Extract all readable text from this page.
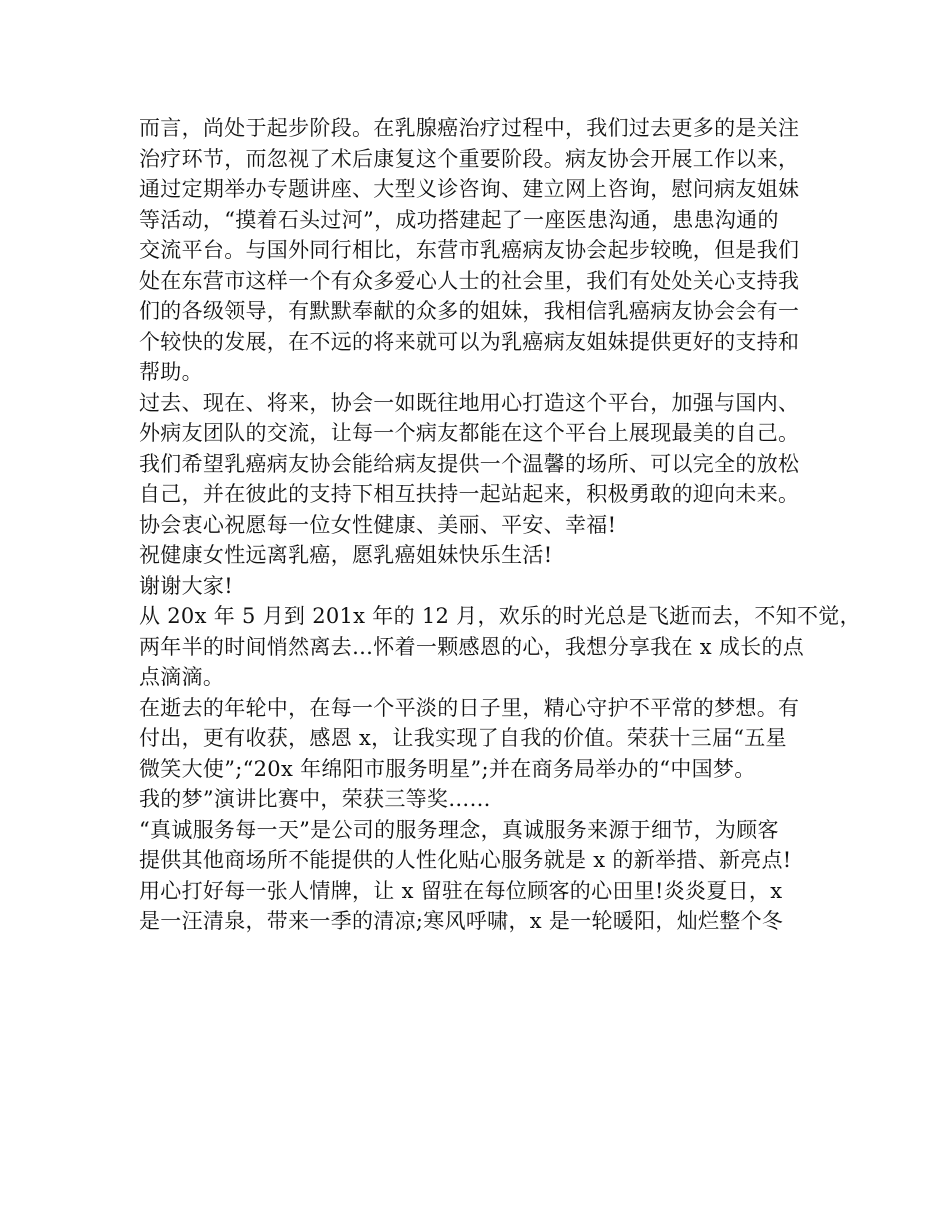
而言，尚处于起步阶段。在乳腺癌治疗过程中，我们过去更多的是关注
治疗环节，而忽视了术后康复这个重要阶段。病友协会开展工作以来，
通过定期举办专题讲座、大型义诊咨询、建立网上咨询，慰问病友姐妹
等活动，“摸着石头过河”，成功搭建起了一座医患沟通，患患沟通的
交流平台。与国外同行相比，东营市乳癌病友协会起步较晚，但是我们
处在东营市这样一个有众多爱心人士的社会里，我们有处处关心支持我
们的各级领导，有默默奉献的众多的姐妹，我相信乳癌病友协会会有一
个较快的发展，在不远的将来就可以为乳癌病友姐妹提供更好的支持和
帮助。
过去、现在、将来，协会一如既往地用心打造这个平台，加强与国内、
外病友团队的交流，让每一个病友都能在这个平台上展现最美的自己。
我们希望乳癌病友协会能给病友提供一个温馨的场所、可以完全的放松
自己，并在彼此的支持下相互扶持一起站起来，积极勇敢的迎向未来。
协会衷心祝愿每一位女性健康、美丽、平安、幸福!
祝健康女性远离乳癌，愿乳癌姐妹快乐生活!
谢谢大家!
从 20x 年 5 月到 201x 年的 12 月，欢乐的时光总是飞逝而去，不知不觉，
两年半的时间悄然离去…怀着一颗感恩的心，我想分享我在 x 成长的点
点滴滴。
在逝去的年轮中，在每一个平淡的日子里，精心守护不平常的梦想。有
付出，更有收获，感恩 x，让我实现了自我的价值。荣获十三届“五星
微笑大使”;“20x 年绵阳市服务明星”;并在商务局举办的“中国梦。
我的梦”演讲比赛中，荣获三等奖……
“真诚服务每一天”是公司的服务理念，真诚服务来源于细节，为顾客
提供其他商场所不能提供的人性化贴心服务就是 x 的新举措、新亮点!
用心打好每一张人情牌，让 x 留驻在每位顾客的心田里!炎炎夏日，x
是一汪清泉，带来一季的清凉;寒风呼啸，x 是一轮暖阳，灿烂整个冬
